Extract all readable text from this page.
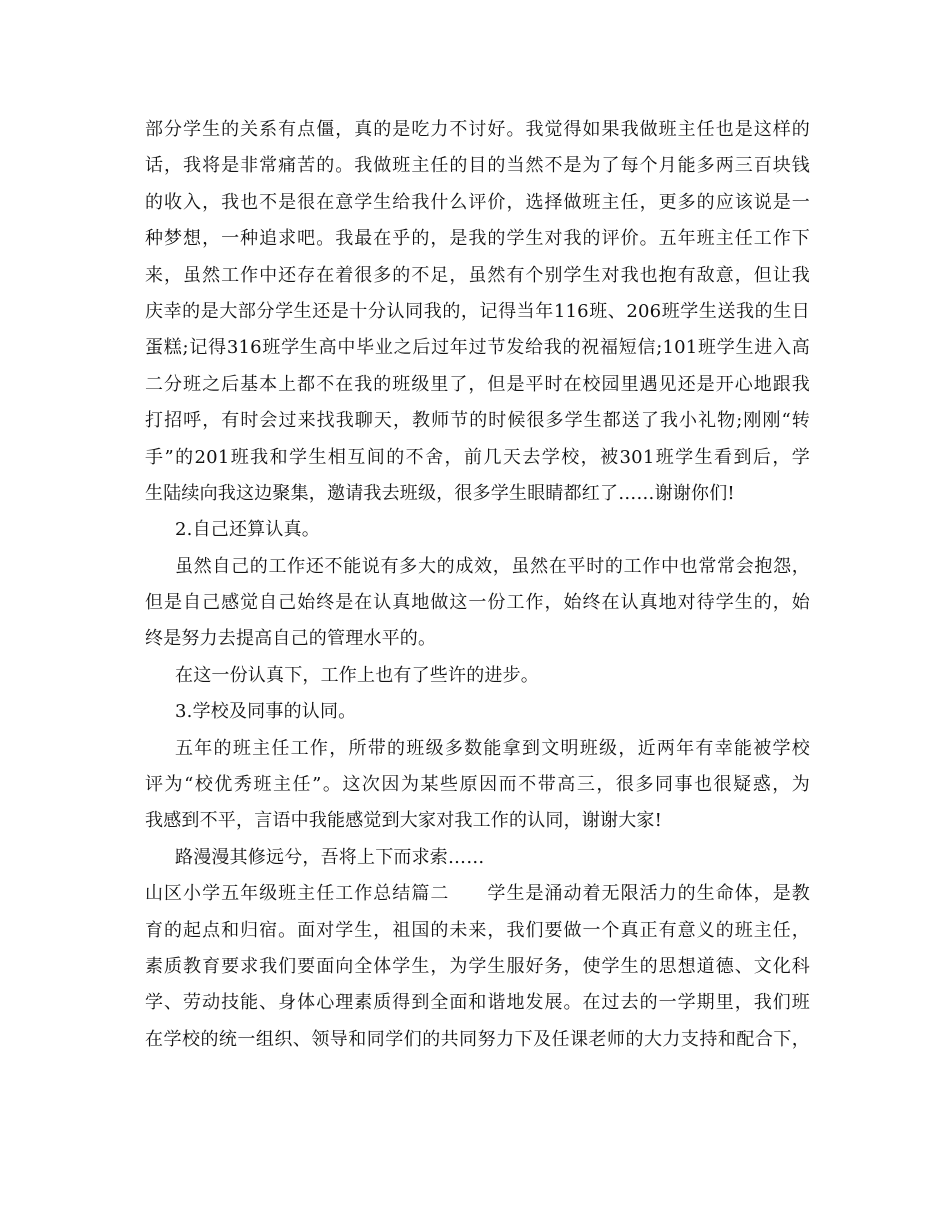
部分学生的关系有点僵，真的是吃力不讨好。我觉得如果我做班主任也是这样的
话，我将是非常痛苦的。我做班主任的目的当然不是为了每个月能多两三百块钱
的收入，我也不是很在意学生给我什么评价，选择做班主任，更多的应该说是一
种梦想，一种追求吧。我最在乎的，是我的学生对我的评价。五年班主任工作下
来，虽然工作中还存在着很多的不足，虽然有个别学生对我也抱有敌意，但让我
庆幸的是大部分学生还是十分认同我的，记得当年116班、206班学生送我的生日
蛋糕;记得316班学生高中毕业之后过年过节发给我的祝福短信;101班学生进入高
二分班之后基本上都不在我的班级里了，但是平时在校园里遇见还是开心地跟我
打招呼，有时会过来找我聊天，教师节的时候很多学生都送了我小礼物;刚刚“转
手”的201班我和学生相互间的不舍，前几天去学校，被301班学生看到后，学
生陆续向我这边聚集，邀请我去班级，很多学生眼睛都红了……谢谢你们!
2.自己还算认真。
虽然自己的工作还不能说有多大的成效，虽然在平时的工作中也常常会抱怨，
但是自己感觉自己始终是在认真地做这一份工作，始终在认真地对待学生的，始
终是努力去提高自己的管理水平的。
在这一份认真下，工作上也有了些许的进步。
3.学校及同事的认同。
五年的班主任工作，所带的班级多数能拿到文明班级，近两年有幸能被学校
评为“校优秀班主任”。这次因为某些原因而不带高三，很多同事也很疑惑，为
我感到不平，言语中我能感觉到大家对我工作的认同，谢谢大家!
路漫漫其修远兮，吾将上下而求索……
山区小学五年级班主任工作总结篇二　　学生是涌动着无限活力的生命体，是教
育的起点和归宿。面对学生，祖国的未来，我们要做一个真正有意义的班主任，
素质教育要求我们要面向全体学生，为学生服好务，使学生的思想道德、文化科
学、劳动技能、身体心理素质得到全面和谐地发展。在过去的一学期里，我们班
在学校的统一组织、领导和同学们的共同努力下及任课老师的大力支持和配合下，
